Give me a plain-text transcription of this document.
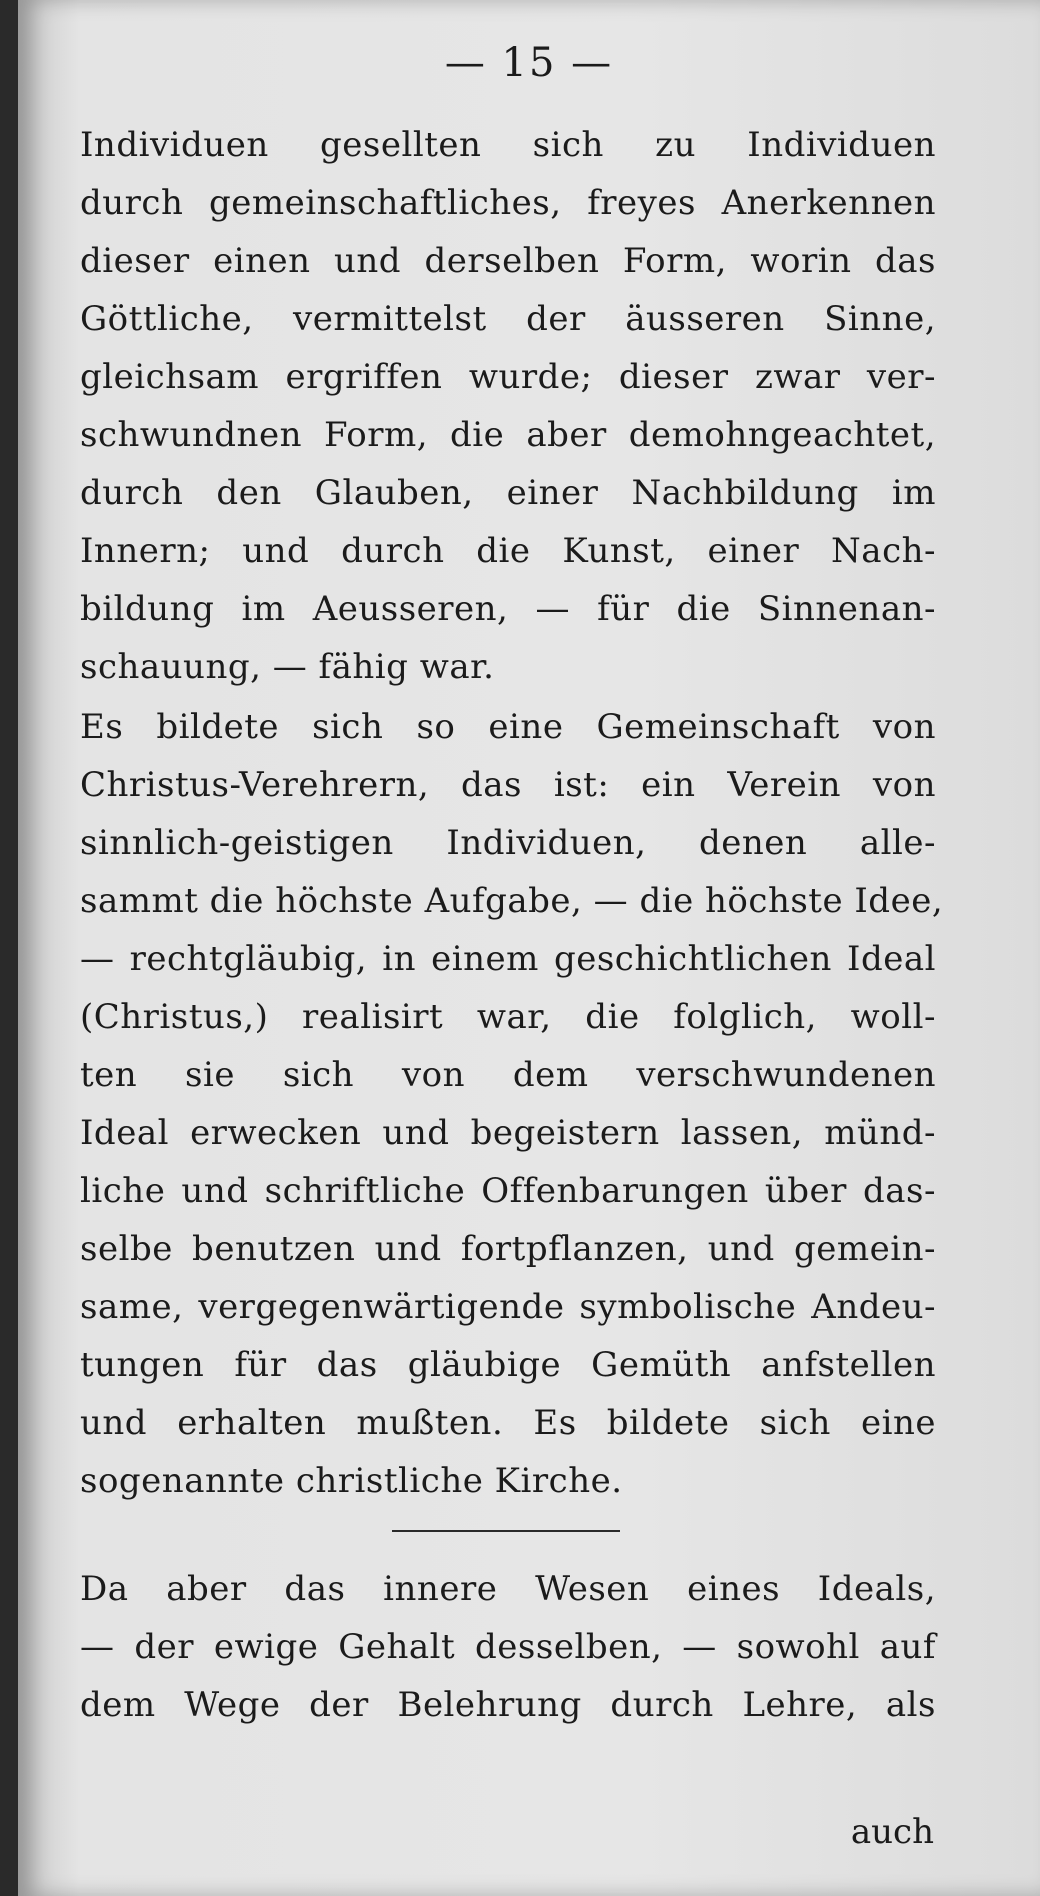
— 15 —
Individuen gesellten sich zu Individuen
durch gemeinschaftliches, freyes Anerkennen
dieser einen und derselben Form, worin das
Göttliche, vermittelst der äusseren Sinne,
gleichsam ergriffen wurde; dieser zwar ver-
schwundnen Form, die aber demohngeachtet,
durch den Glauben, einer Nachbildung im
Innern; und durch die Kunst, einer Nach-
bildung im Aeusseren, — für die Sinnenan-
schauung, — fähig war.
Es bildete sich so eine Gemeinschaft von
Christus-Verehrern, das ist: ein Verein von
sinnlich-geistigen Individuen, denen alle-
sammt die höchste Aufgabe, — die höchste Idee,
— rechtgläubig, in einem geschichtlichen Ideal
(Christus,) realisirt war, die folglich, woll-
ten sie sich von dem verschwundenen
Ideal erwecken und begeistern lassen, münd-
liche und schriftliche Offenbarungen über das-
selbe benutzen und fortpflanzen, und gemein-
same, vergegenwärtigende symbolische Andeu-
tungen für das gläubige Gemüth anfstellen
und erhalten mußten. Es bildete sich eine
sogenannte christliche Kirche.
Da aber das innere Wesen eines Ideals,
— der ewige Gehalt desselben, — sowohl auf
dem Wege der Belehrung durch Lehre, als
auch
